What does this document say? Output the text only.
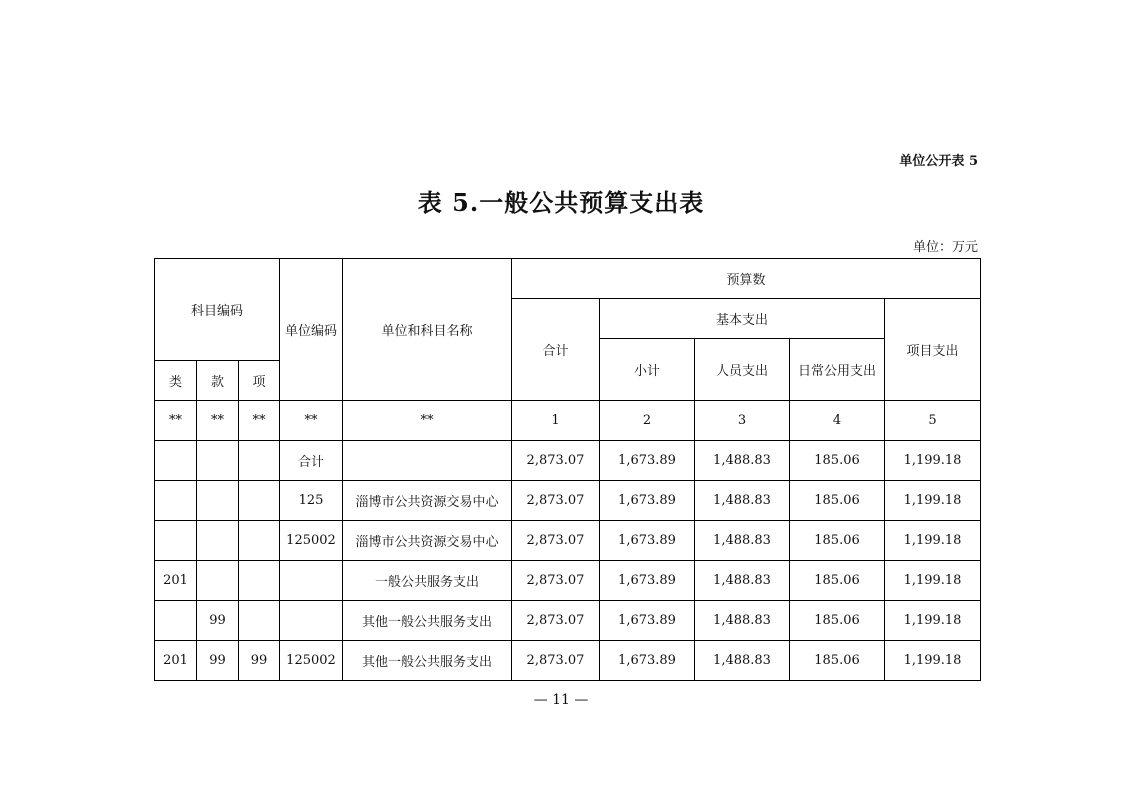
单位公开表 5
表 5.一般公共预算支出表
单位：万元
科目编码			单位编码	单位和科目名称	预算数				
					合计	基本支出			项目支出
						小计	人员支出	日常公用支出	
类	款	项							
**	**	**	**	**	1	2	3	4	5
			合计		2,873.07	1,673.89	1,488.83	185.06	1,199.18
			125	淄博市公共资源交易中心	2,873.07	1,673.89	1,488.83	185.06	1,199.18
			125002	淄博市公共资源交易中心	2,873.07	1,673.89	1,488.83	185.06	1,199.18
201				一般公共服务支出	2,873.07	1,673.89	1,488.83	185.06	1,199.18
	99			其他一般公共服务支出	2,873.07	1,673.89	1,488.83	185.06	1,199.18
201	99	99	125002	其他一般公共服务支出	2,873.07	1,673.89	1,488.83	185.06	1,199.18
— 11 —
